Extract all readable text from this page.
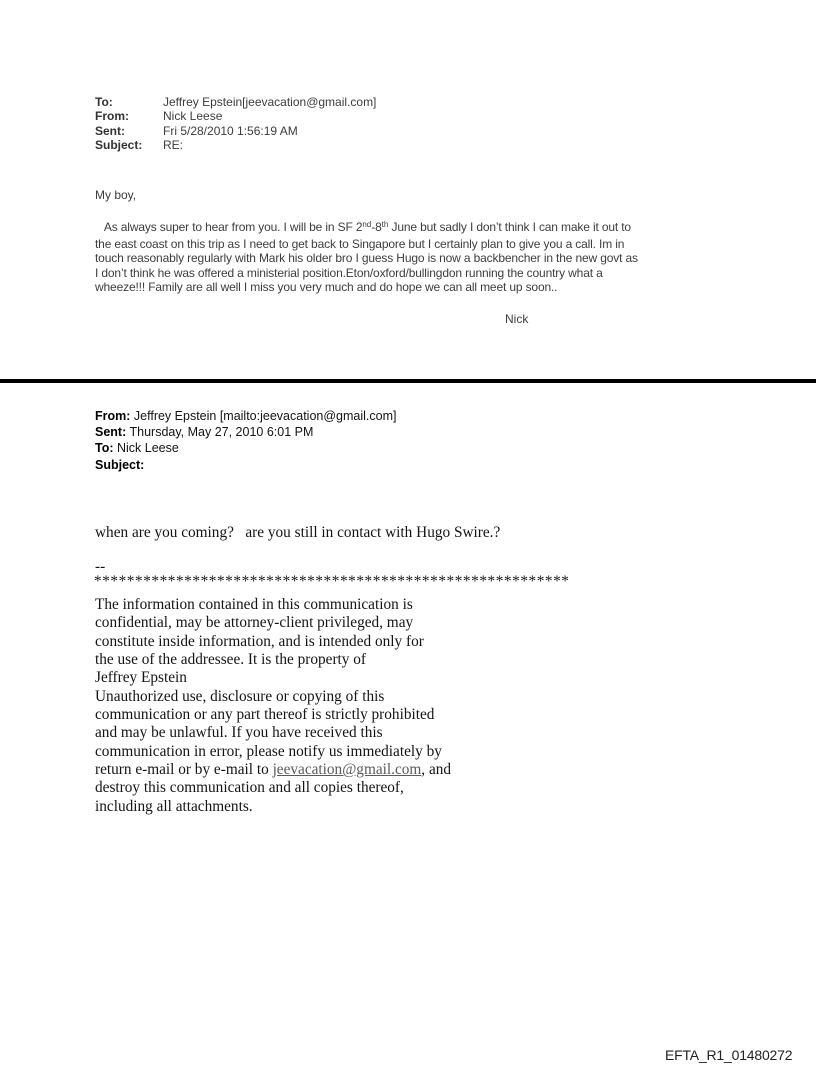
To:	Jeffrey Epstein[jeevacation@gmail.com]
From:	Nick Leese
Sent:	Fri 5/28/2010 1:56:19 AM
Subject: RE:
My boy,
As always super to hear from you. I will be in SF 2nd-8th June but sadly I don’t think I can make it out to
the east coast on this trip as I need to get back to Singapore but I certainly plan to give you a call. Im in
touch reasonably regularly with Mark his older bro I guess Hugo is now a backbencher in the new govt as
I don’t think he was offered a ministerial position.Eton/oxford/bullingdon running the country what a
wheeze!!! Family are all well I miss you very much and do hope we can all meet up soon..
Nick
From: Jeffrey Epstein [mailto:jeevacation@gmail.com]
Sent: Thursday, May 27, 2010 6:01 PM
To: Nick Leese
Subject:
when are you coming?   are you still in contact with Hugo Swire.?
--
**********************************************************
The information contained in this communication is
confidential, may be attorney-client privileged, may
constitute inside information, and is intended only for
the use of the addressee. It is the property of
Jeffrey Epstein
Unauthorized use, disclosure or copying of this
communication or any part thereof is strictly prohibited
and may be unlawful. If you have received this
communication in error, please notify us immediately by
return e-mail or by e-mail to jeevacation@gmail.com, and
destroy this communication and all copies thereof,
including all attachments.
EFTA_R1_01480272
